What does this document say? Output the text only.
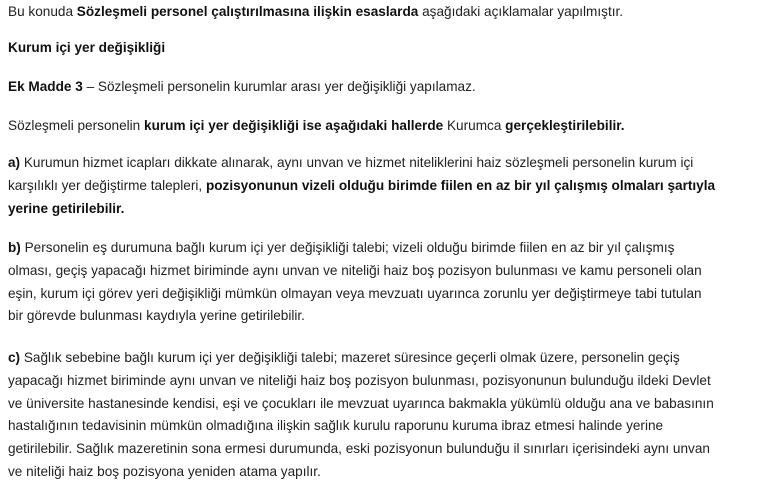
Bu konuda Sözleşmeli personel çalıştırılmasına ilişkin esaslarda aşağıdaki açıklamalar yapılmıştır.

Kurum içi yer değişikliği

Ek Madde 3 – Sözleşmeli personelin kurumlar arası yer değişikliği yapılamaz.

Sözleşmeli personelin kurum içi yer değişikliği ise aşağıdaki hallerde Kurumca gerçekleştirilebilir.

a) Kurumun hizmet icapları dikkate alınarak, aynı unvan ve hizmet niteliklerini haiz sözleşmeli personelin kurum içi
karşılıklı yer değiştirme talepleri, pozisyonunun vizeli olduğu birimde fiilen en az bir yıl çalışmış olmaları şartıyla
yerine getirilebilir.
b) Personelin eş durumuna bağlı kurum içi yer değişikliği talebi; vizeli olduğu birimde fiilen en az bir yıl çalışmış
olması, geçiş yapacağı hizmet biriminde aynı unvan ve niteliği haiz boş pozisyon bulunması ve kamu personeli olan
eşin, kurum içi görev yeri değişikliği mümkün olmayan veya mevzuatı uyarınca zorunlu yer değiştirmeye tabi tutulan
bir görevde bulunması kaydıyla yerine getirilebilir.
c) Sağlık sebebine bağlı kurum içi yer değişikliği talebi; mazeret süresince geçerli olmak üzere, personelin geçiş
yapacağı hizmet biriminde aynı unvan ve niteliği haiz boş pozisyon bulunması, pozisyonunun bulunduğu ildeki Devlet
ve üniversite hastanesinde kendisi, eşi ve çocukları ile mevzuat uyarınca bakmakla yükümlü olduğu ana ve babasının
hastalığının tedavisinin mümkün olmadığına ilişkin sağlık kurulu raporunu kuruma ibraz etmesi halinde yerine
getirilebilir. Sağlık mazeretinin sona ermesi durumunda, eski pozisyonun bulunduğu il sınırları içerisindeki aynı unvan
ve niteliği haiz boş pozisyona yeniden atama yapılır.
